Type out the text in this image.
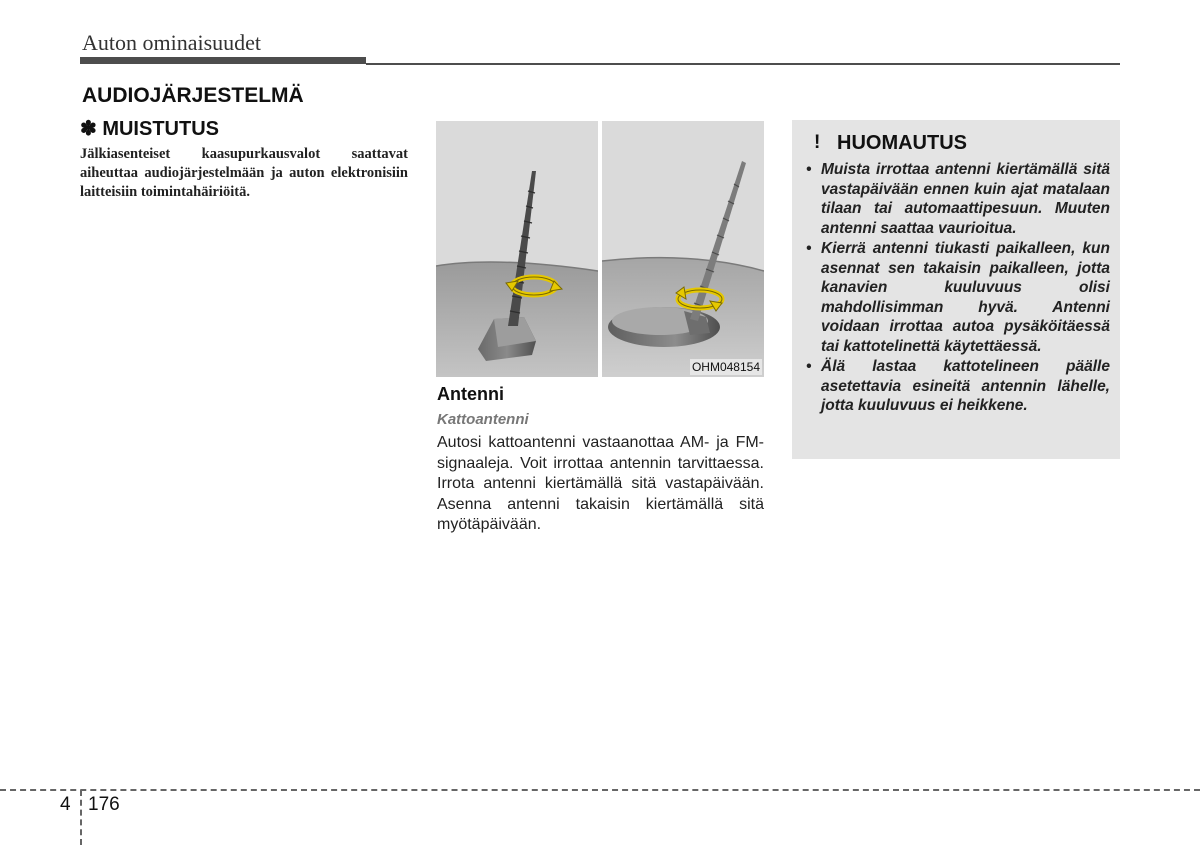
Auton ominaisuudet
AUDIOJÄRJESTELMÄ
✽ MUISTUTUS
Jälkiasenteiset kaasupurkausvalot saattavat aiheuttaa audiojärjestelmään ja auton elektronisiin laitteisiin toimintahäiriöitä.
OHM048154
Antenni
Kattoantenni
Autosi kattoantenni vastaanottaa AM- ja FM-signaaleja. Voit irrottaa antennin tarvittaessa. Irrota antenni kiertämällä sitä vastapäivään. Asenna antenni takaisin kiertämällä sitä myötäpäivään.
! HUOMAUTUS
• Muista irrottaa antenni kiertämällä sitä vastapäivään ennen kuin ajat matalaan tilaan tai automaattipesuun. Muuten antenni saattaa vaurioitua.
• Kierrä antenni tiukasti paikalleen, kun asennat sen takaisin paikalleen, jotta kanavien kuuluvuus olisi mahdollisimman hyvä. Antenni voidaan irrottaa autoa pysäköitäessä tai kattotelinettä käytettäessä.
• Älä lastaa kattotelineen päälle asetettavia esineitä antennin lähelle, jotta kuuluvuus ei heikkene.
4 176
